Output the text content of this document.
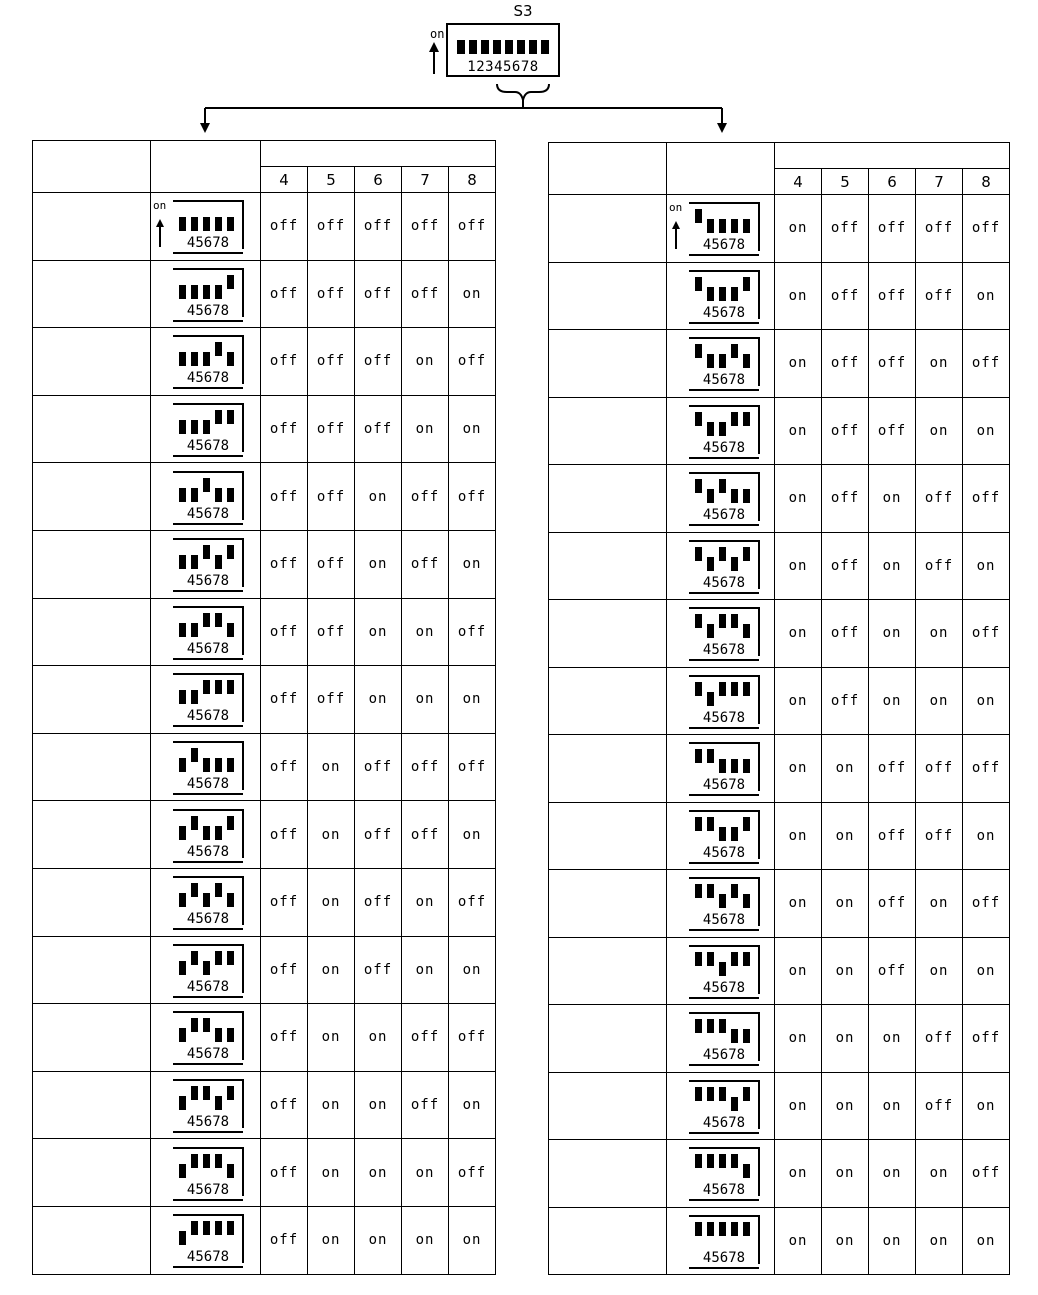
S3
on
12345678

		4	5	6	7	8

on
45678	off	off	off	off	off

45678	off	off	off	off	on

45678	off	off	off	on	off

45678	off	off	off	on	on

45678	off	off	on	off	off

45678	off	off	on	off	on

45678	off	off	on	on	off

45678	off	off	on	on	on

45678	off	on	off	off	off

45678	off	on	off	off	on

45678	off	on	off	on	off

45678	off	on	off	on	on

45678	off	on	on	off	off

45678	off	on	on	off	on

45678	off	on	on	on	off

45678	off	on	on	on	on

		4	5	6	7	8

on
45678	on	off	off	off	off

45678	on	off	off	off	on

45678	on	off	off	on	off

45678	on	off	off	on	on

45678	on	off	on	off	off

45678	on	off	on	off	on

45678	on	off	on	on	off

45678	on	off	on	on	on

45678	on	on	off	off	off

45678	on	on	off	off	on

45678	on	on	off	on	off

45678	on	on	off	on	on

45678	on	on	on	off	off

45678	on	on	on	off	on

45678	on	on	on	on	off

45678	on	on	on	on	on
